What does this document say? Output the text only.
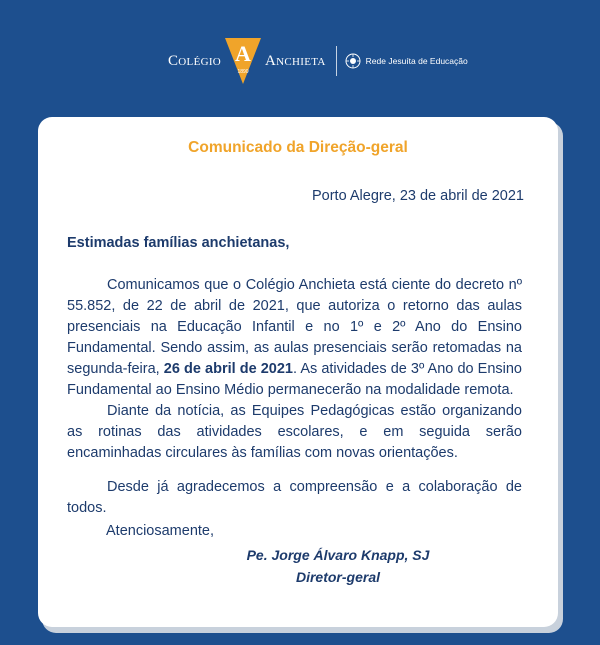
Colégio A
1890
Anchieta	Rede Jesuíta de Educação
Comunicado da Direção-geral
Porto Alegre, 23 de abril de 2021
Estimadas famílias anchietanas,

Comunicamos que o Colégio Anchieta está ciente do decreto nº 55.852, de 22 de abril de 2021, que autoriza o retorno das aulas presenciais na Educação Infantil e no 1º e 2º Ano do Ensino Fundamental. Sendo assim, as aulas presenciais serão retomadas na segunda-feira, 26 de abril de 2021. As atividades de 3º Ano do Ensino Fundamental ao Ensino Médio permanecerão na modalidade remota.

Diante da notícia, as Equipes Pedagógicas estão organizando as rotinas das atividades escolares, e em seguida serão encaminhadas circulares às famílias com novas orientações.

Desde já agradecemos a compreensão e a colaboração de todos.

Atenciosamente,
Pe. Jorge Álvaro Knapp, SJ
Diretor-geral
